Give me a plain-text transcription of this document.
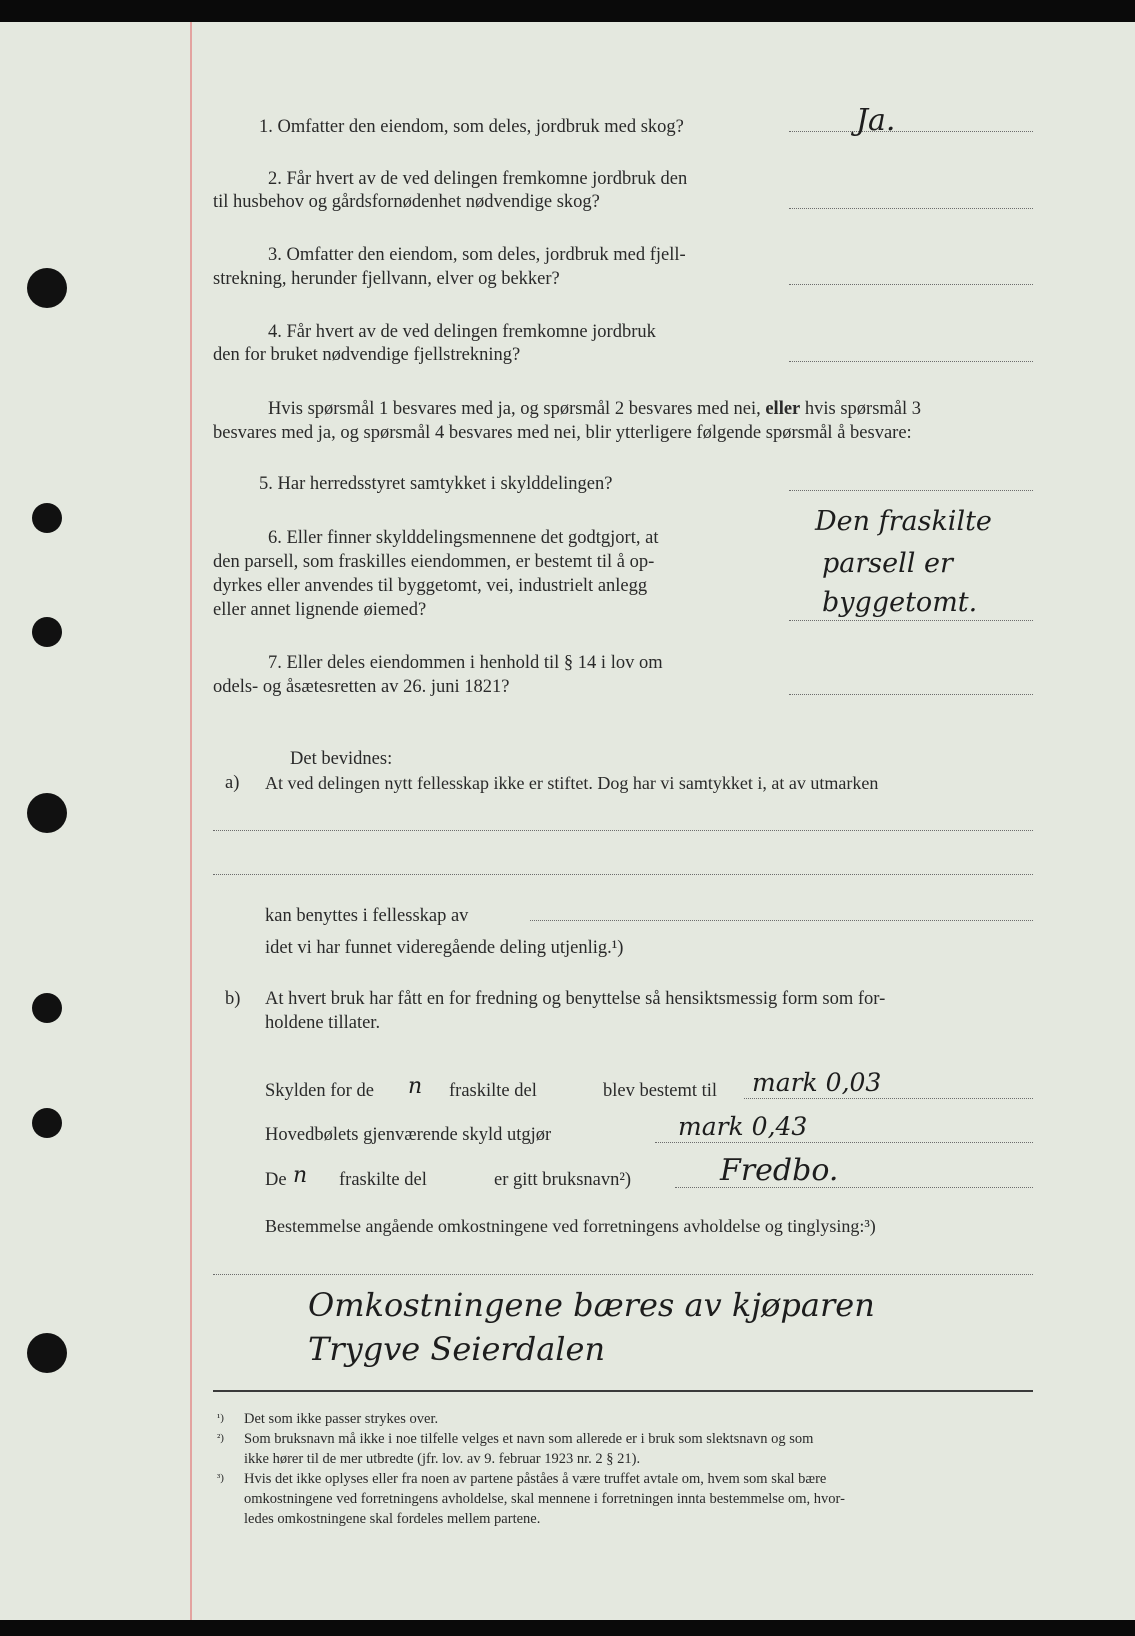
1. Omfatter den eiendom, som deles, jordbruk med skog?	Ja.
2. Får hvert av de ved delingen fremkomne jordbruk den
til husbehov og gårdsfornødenhet nødvendige skog?
3. Omfatter den eiendom, som deles, jordbruk med fjell-
strekning, herunder fjellvann, elver og bekker?
4. Får hvert av de ved delingen fremkomne jordbruk
den for bruket nødvendige fjellstrekning?
Hvis spørsmål 1 besvares med ja, og spørsmål 2 besvares med nei, eller hvis spørsmål 3
besvares med ja, og spørsmål 4 besvares med nei, blir ytterligere følgende spørsmål å besvare:
5. Har herredsstyret samtykket i skylddelingen?
6. Eller finner skylddelingsmennene det godtgjort, at
den parsell, som fraskilles eiendommen, er bestemt til å op-
dyrkes eller anvendes til byggetomt, vei, industrielt anlegg
eller annet lignende øiemed?
Den fraskilte
parsell er
byggetomt.
7. Eller deles eiendommen i henhold til § 14 i lov om
odels- og åsætesretten av 26. juni 1821?
Det bevidnes:
a) At ved delingen nytt fellesskap ikke er stiftet. Dog har vi samtykket i, at av utmarken
kan benyttes i fellesskap av
idet vi har funnet videregående deling utjenlig.¹)
b) At hvert bruk har fått en for fredning og benyttelse så hensiktsmessig form som for-
holdene tillater.
Skylden for de n fraskilte del	blev bestemt til mark 0,03
Hovedbølets gjenværende skyld utgjør	mark 0,43
De n fraskilte del	er gitt bruksnavn²)	Fredbo.
Bestemmelse angående omkostningene ved forretningens avholdelse og tinglysing:³)
Omkostningene bæres av kjøparen
Trygve Seierdalen
¹) Det som ikke passer strykes over.
²) Som bruksnavn må ikke i noe tilfelle velges et navn som allerede er i bruk som slektsnavn og som
ikke hører til de mer utbredte (jfr. lov. av 9. februar 1923 nr. 2 § 21).
³) Hvis det ikke oplyses eller fra noen av partene påståes å være truffet avtale om, hvem som skal bære
omkostningene ved forretningens avholdelse, skal mennene i forretningen innta bestemmelse om, hvor-
ledes omkostningene skal fordeles mellem partene.
